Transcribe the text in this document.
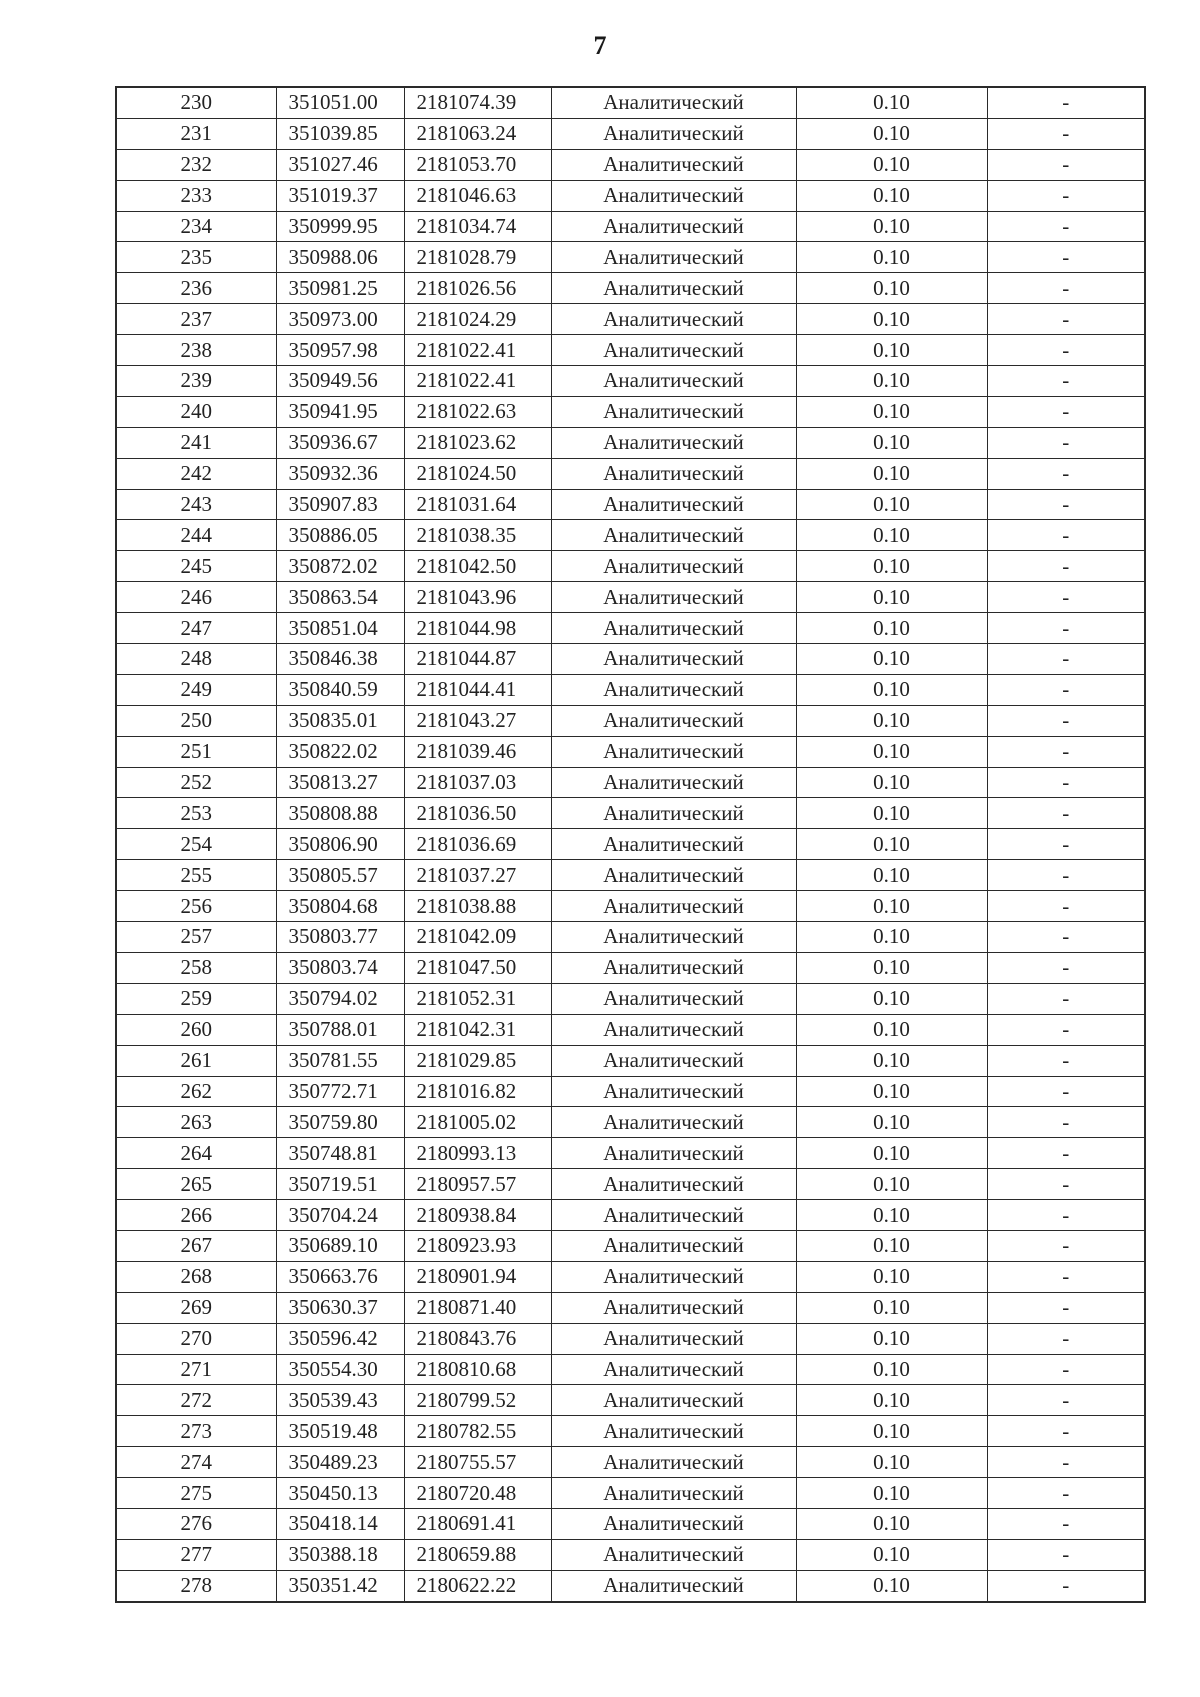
7
230	351051.00	2181074.39	Аналитический	0.10	-
231	351039.85	2181063.24	Аналитический	0.10	-
232	351027.46	2181053.70	Аналитический	0.10	-
233	351019.37	2181046.63	Аналитический	0.10	-
234	350999.95	2181034.74	Аналитический	0.10	-
235	350988.06	2181028.79	Аналитический	0.10	-
236	350981.25	2181026.56	Аналитический	0.10	-
237	350973.00	2181024.29	Аналитический	0.10	-
238	350957.98	2181022.41	Аналитический	0.10	-
239	350949.56	2181022.41	Аналитический	0.10	-
240	350941.95	2181022.63	Аналитический	0.10	-
241	350936.67	2181023.62	Аналитический	0.10	-
242	350932.36	2181024.50	Аналитический	0.10	-
243	350907.83	2181031.64	Аналитический	0.10	-
244	350886.05	2181038.35	Аналитический	0.10	-
245	350872.02	2181042.50	Аналитический	0.10	-
246	350863.54	2181043.96	Аналитический	0.10	-
247	350851.04	2181044.98	Аналитический	0.10	-
248	350846.38	2181044.87	Аналитический	0.10	-
249	350840.59	2181044.41	Аналитический	0.10	-
250	350835.01	2181043.27	Аналитический	0.10	-
251	350822.02	2181039.46	Аналитический	0.10	-
252	350813.27	2181037.03	Аналитический	0.10	-
253	350808.88	2181036.50	Аналитический	0.10	-
254	350806.90	2181036.69	Аналитический	0.10	-
255	350805.57	2181037.27	Аналитический	0.10	-
256	350804.68	2181038.88	Аналитический	0.10	-
257	350803.77	2181042.09	Аналитический	0.10	-
258	350803.74	2181047.50	Аналитический	0.10	-
259	350794.02	2181052.31	Аналитический	0.10	-
260	350788.01	2181042.31	Аналитический	0.10	-
261	350781.55	2181029.85	Аналитический	0.10	-
262	350772.71	2181016.82	Аналитический	0.10	-
263	350759.80	2181005.02	Аналитический	0.10	-
264	350748.81	2180993.13	Аналитический	0.10	-
265	350719.51	2180957.57	Аналитический	0.10	-
266	350704.24	2180938.84	Аналитический	0.10	-
267	350689.10	2180923.93	Аналитический	0.10	-
268	350663.76	2180901.94	Аналитический	0.10	-
269	350630.37	2180871.40	Аналитический	0.10	-
270	350596.42	2180843.76	Аналитический	0.10	-
271	350554.30	2180810.68	Аналитический	0.10	-
272	350539.43	2180799.52	Аналитический	0.10	-
273	350519.48	2180782.55	Аналитический	0.10	-
274	350489.23	2180755.57	Аналитический	0.10	-
275	350450.13	2180720.48	Аналитический	0.10	-
276	350418.14	2180691.41	Аналитический	0.10	-
277	350388.18	2180659.88	Аналитический	0.10	-
278	350351.42	2180622.22	Аналитический	0.10	-
